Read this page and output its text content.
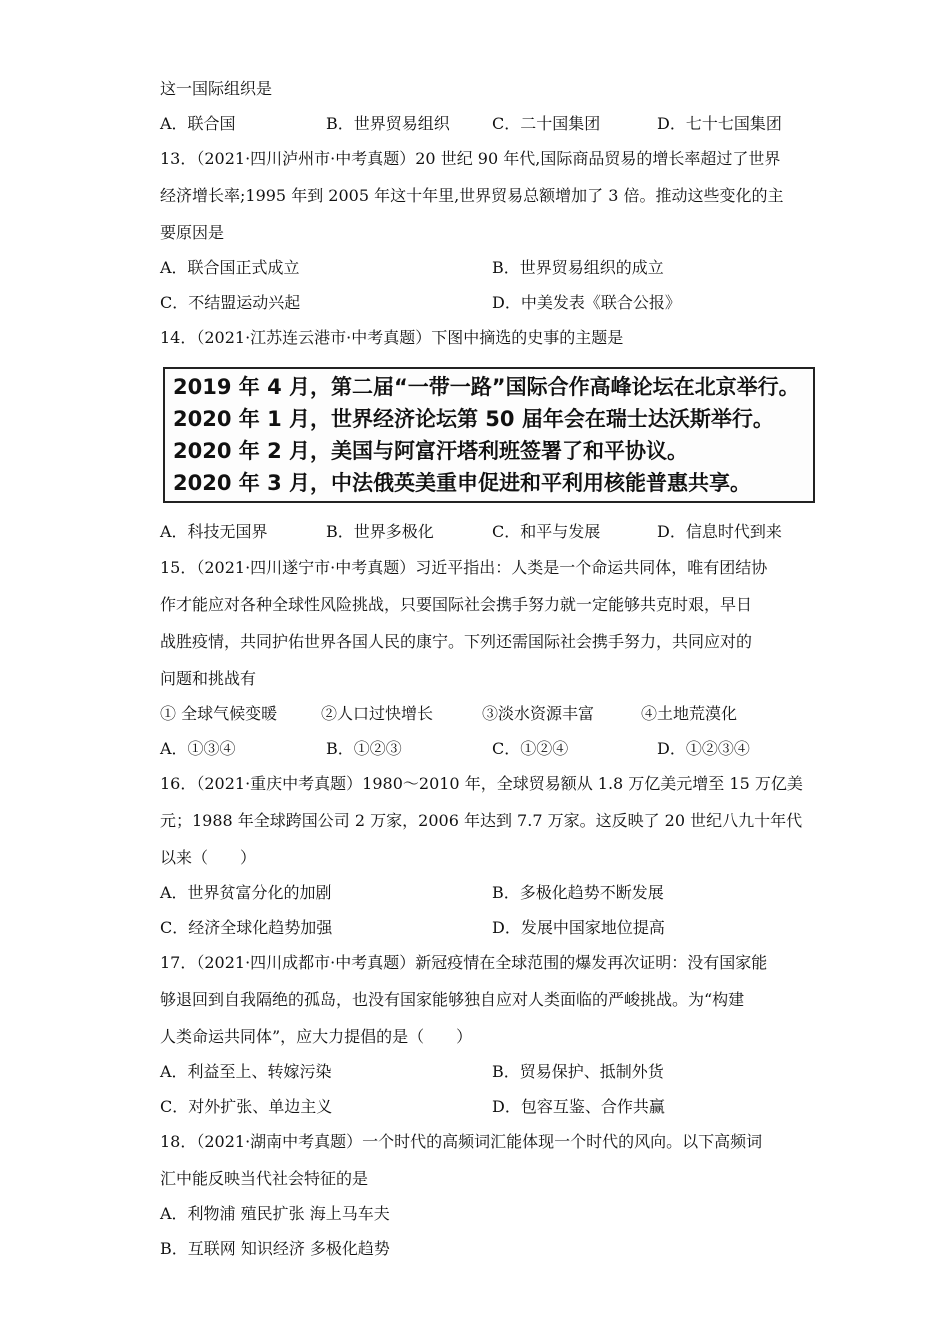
这一国际组织是
A．联合国	B．世界贸易组织	C．二十国集团	D．七十七国集团
13．（2021·四川泸州市·中考真题）20 世纪 90 年代,国际商品贸易的增长率超过了世界
经济增长率;1995 年到 2005 年这十年里,世界贸易总额增加了 3 倍。推动这些变化的主
要原因是
A．联合国正式成立	B．世界贸易组织的成立
C．不结盟运动兴起	D．中美发表《联合公报》
14．（2021·江苏连云港市·中考真题）下图中摘选的史事的主题是
2019 年 4 月，第二届“一带一路”国际合作高峰论坛在北京举行。
2020 年 1 月，世界经济论坛第 50 届年会在瑞士达沃斯举行。
2020 年 2 月，美国与阿富汗塔利班签署了和平协议。
2020 年 3 月，中法俄英美重申促进和平利用核能普惠共享。
A．科技无国界	B．世界多极化	C．和平与发展	D．信息时代到来
15．（2021·四川遂宁市·中考真题）习近平指出：人类是一个命运共同体，唯有团结协
作才能应对各种全球性风险挑战，只要国际社会携手努力就一定能够共克时艰，早日
战胜疫情，共同护佑世界各国人民的康宁。下列还需国际社会携手努力，共同应对的
问题和挑战有
① 全球气候变暖	②人口过快增长	③淡水资源丰富	④土地荒漠化
A．①③④	B．①②③	C．①②④	D．①②③④
16．（2021·重庆中考真题）1980～2010 年，全球贸易额从 1.8 万亿美元增至 15 万亿美
元；1988 年全球跨国公司 2 万家，2006 年达到 7.7 万家。这反映了 20 世纪八九十年代
以来（　　）
A．世界贫富分化的加剧	B．多极化趋势不断发展
C．经济全球化趋势加强	D．发展中国家地位提高
17．（2021·四川成都市·中考真题）新冠疫情在全球范围的爆发再次证明：没有国家能
够退回到自我隔绝的孤岛，也没有国家能够独自应对人类面临的严峻挑战。为“构建
人类命运共同体”，应大力提倡的是（　　）
A．利益至上、转嫁污染	B．贸易保护、抵制外货
C．对外扩张、单边主义	D．包容互鉴、合作共赢
18．（2021·湖南中考真题）一个时代的高频词汇能体现一个时代的风向。以下高频词
汇中能反映当代社会特征的是
A．利物浦 殖民扩张 海上马车夫
B．互联网 知识经济 多极化趋势
